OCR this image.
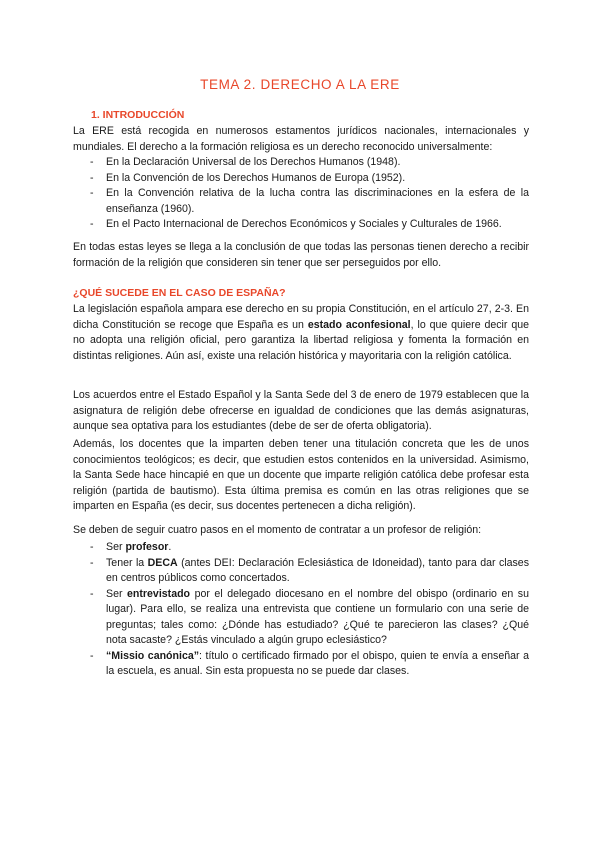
TEMA 2. DERECHO A LA ERE

1. INTRODUCCIÓN

La ERE está recogida en numerosos estamentos jurídicos nacionales, internacionales y mundiales. El derecho a la formación religiosa es un derecho reconocido universalmente:

- En la Declaración Universal de los Derechos Humanos (1948).
- En la Convención de los Derechos Humanos de Europa (1952).
- En la Convención relativa de la lucha contra las discriminaciones en la esfera de la enseñanza (1960).
- En el Pacto Internacional de Derechos Económicos y Sociales y Culturales de 1966.

En todas estas leyes se llega a la conclusión de que todas las personas tienen derecho a recibir formación de la religión que consideren sin tener que ser perseguidos por ello.

¿QUÉ SUCEDE EN EL CASO DE ESPAÑA?

La legislación española ampara ese derecho en su propia Constitución, en el artículo 27, 2-3. En dicha Constitución se recoge que España es un estado aconfesional, lo que quiere decir que no adopta una religión oficial, pero garantiza la libertad religiosa y fomenta la formación en distintas religiones. Aún así, existe una relación histórica y mayoritaria con la religión católica.

Los acuerdos entre el Estado Español y la Santa Sede del 3 de enero de 1979 establecen que la asignatura de religión debe ofrecerse en igualdad de condiciones que las demás asignaturas, aunque sea optativa para los estudiantes (debe de ser de oferta obligatoria).

Además, los docentes que la imparten deben tener una titulación concreta que les de unos conocimientos teológicos; es decir, que estudien estos contenidos en la universidad. Asimismo, la Santa Sede hace hincapié en que un docente que imparte religión católica debe profesar esta religión (partida de bautismo). Esta última premisa es común en las otras religiones que se imparten en España (es decir, sus docentes pertenecen a dicha religión).

Se deben de seguir cuatro pasos en el momento de contratar a un profesor de religión:

- Ser profesor.
- Tener la DECA (antes DEI: Declaración Eclesiástica de Idoneidad), tanto para dar clases en centros públicos como concertados.
- Ser entrevistado por el delegado diocesano en el nombre del obispo (ordinario en su lugar). Para ello, se realiza una entrevista que contiene un formulario con una serie de preguntas; tales como: ¿Dónde has estudiado? ¿Qué te parecieron las clases? ¿Qué nota sacaste? ¿Estás vinculado a algún grupo eclesiástico?
- “Missio canónica”: título o certificado firmado por el obispo, quien te envía a enseñar a la escuela, es anual. Sin esta propuesta no se puede dar clases.
